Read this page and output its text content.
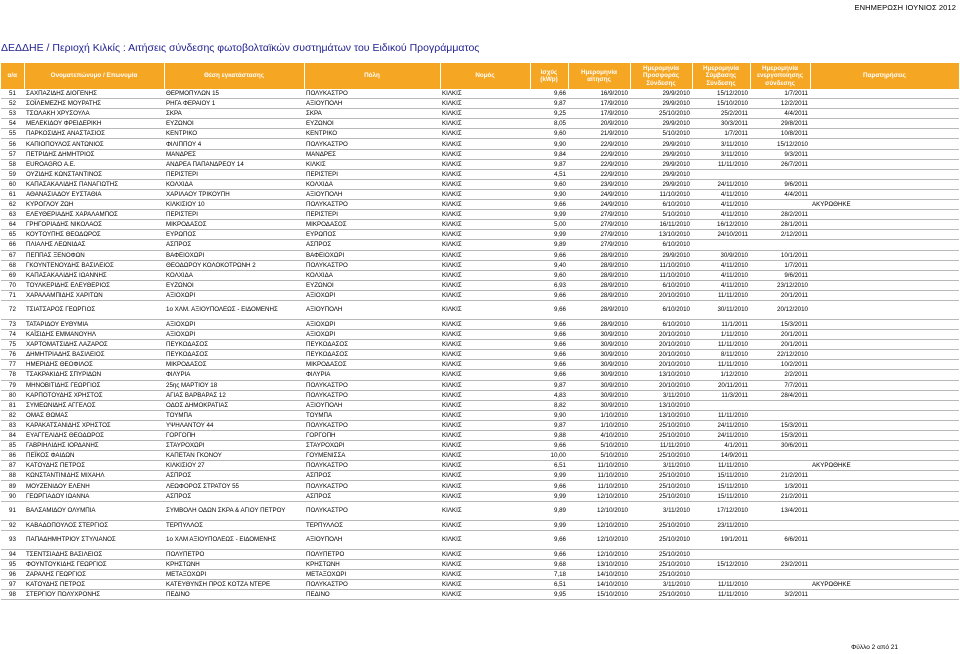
ΕΝΗΜΕΡΩΣΗ ΙΟΥΝΙΟΣ 2012
ΔΕΔΔΗΕ / Περιοχή Κιλκίς : Αιτήσεις σύνδεσης φωτοβολταϊκών συστημάτων του Ειδικού Προγράμματος
α/α	Ονοματεπώνυμο / Επωνυμία	Θέση εγκατάστασης	Πόλη	Νομός	Ισχύς (kWp)	Ημερομηνία αίτησης	Ημερομηνία Προσφοράς Σύνδεσης	Ημερομηνία Σύμβασης Σύνδεσης	Ημερομηνία ενεργοποίησης σύνδεσης	Παρατηρήσεις
51	ΣΑΧΠΑΖΙΔΗΣ ΔΙΟΓΕΝΗΣ	ΘΕΡΜΟΠΥΛΩΝ 15	ΠΟΛΥΚΑΣΤΡΟ	ΚΙΛΚΙΣ	9,66	16/9/2010	29/9/2010	15/12/2010	1/7/2011	
52	ΣΟΪΛΕΜΕΖΗΣ ΜΟΥΡΑΤΗΣ	ΡΗΓΑ ΦΕΡΑΙΟΥ 1	ΑΞΙΟΥΠΟΛΗ	ΚΙΛΚΙΣ	9,87	17/9/2010	29/9/2010	15/10/2010	12/2/2011	
53	ΤΣΟΛΑΚΗ ΧΡΥΣΟΥΛΑ	ΣΚΡΑ	ΣΚΡΑ	ΚΙΛΚΙΣ	9,25	17/9/2010	25/10/2010	25/2/2011	4/4/2011	
54	ΜΕΛΕΚΙΔΟΥ ΦΡΕΙΔΕΡΙΚΗ	ΕΥΖΩΝΟΙ	ΕΥΖΩΝΟΙ	ΚΙΛΚΙΣ	8,05	20/9/2010	29/9/2010	30/3/2011	29/8/2011	
55	ΠΑΡΚΟΣΙΔΗΣ ΑΝΑΣΤΑΣΙΟΣ	ΚΕΝΤΡΙΚΟ	ΚΕΝΤΡΙΚΟ	ΚΙΛΚΙΣ	9,60	21/9/2010	5/10/2010	1/7/2011	10/8/2011	
56	ΚΑΠΙΟΠΟΥΛΟΣ ΑΝΤΩΝΙΟΣ	ΦΙΛΙΠΠΟΥ 4	ΠΟΛΥΚΑΣΤΡΟ	ΚΙΛΚΙΣ	9,90	22/9/2010	29/9/2010	3/11/2010	15/12/2010	
57	ΠΕΤΡΙΔΗΣ ΔΗΜΗΤΡΙΟΣ	ΜΑΝΔΡΕΣ	ΜΑΝΔΡΕΣ	ΚΙΛΚΙΣ	9,84	22/9/2010	29/9/2010	3/11/2010	9/3/2011	
58	EUROAGRO Α.Ε.	ΑΝΔΡΕΑ ΠΑΠΑΝΔΡΕΟΥ 14	ΚΙΛΚΙΣ	ΚΙΛΚΙΣ	9,87	22/9/2010	29/9/2010	11/11/2010	26/7/2011	
59	ΟΥΖΙΔΗΣ ΚΩΝΣΤΑΝΤΙΝΟΣ	ΠΕΡΙΣΤΕΡΙ	ΠΕΡΙΣΤΕΡΙ	ΚΙΛΚΙΣ	4,51	22/9/2010	29/9/2010			
60	ΚΑΠΑΣΑΚΑΛΙΔΗΣ ΠΑΝΑΓΙΩΤΗΣ	ΚΟΛΧΙΔΑ	ΚΟΛΧΙΔΑ	ΚΙΛΚΙΣ	9,60	23/9/2010	29/9/2010	24/11/2010	9/6/2011	
61	ΑΘΑΝΑΣΙΑΔΟΥ ΕΥΣΤΑΘΙΑ	ΧΑΡΙΛΑΟΥ ΤΡΙΚΟΥΠΗ	ΑΞΙΟΥΠΟΛΗ	ΚΙΛΚΙΣ	9,90	24/9/2010	11/10/2010	4/11/2010	4/4/2011	
62	ΚΥΡΟΓΛΟΥ ΖΩΗ	ΚΙΛΚΙΣΙΟΥ 10	ΠΟΛΥΚΑΣΤΡΟ	ΚΙΛΚΙΣ	9,66	24/9/2010	6/10/2010	4/11/2010		ΑΚΥΡΩΘΗΚΕ
63	ΕΛΕΥΘΕΡΙΑΔΗΣ ΧΑΡΑΛΑΜΠΟΣ	ΠΕΡΙΣΤΕΡΙ	ΠΕΡΙΣΤΕΡΙ	ΚΙΛΚΙΣ	9,99	27/9/2010	5/10/2010	4/11/2010	28/2/2011	
64	ΓΡΗΓΟΡΙΑΔΗΣ ΝΙΚΟΛΑΟΣ	ΜΙΚΡΟΔΑΣΟΣ	ΜΙΚΡΟΔΑΣΟΣ	ΚΙΛΚΙΣ	5,00	27/9/2010	16/11/2010	16/12/2010	28/1/2011	
65	ΚΟΥΤΟΥΠΗΣ ΘΕΟΔΩΡΟΣ	ΕΥΡΩΠΟΣ	ΕΥΡΩΠΟΣ	ΚΙΛΚΙΣ	9,99	27/9/2010	13/10/2010	24/10/2011	2/12/2011	
66	ΠΛΙΑΛΗΣ ΛΕΩΝΙΔΑΣ	ΑΣΠΡΟΣ	ΑΣΠΡΟΣ	ΚΙΛΚΙΣ	9,89	27/9/2010	6/10/2010			
67	ΠΕΠΠΑΣ ΞΕΝΟΦΩΝ	ΒΑΦΕΙΟΧΩΡΙ	ΒΑΦΕΙΟΧΩΡΙ	ΚΙΛΚΙΣ	9,66	28/9/2010	29/9/2010	30/9/2010	10/1/2011	
68	ΓΚΟΥΝΤΕΝΟΥΔΗΣ ΒΑΣΙΛΕΙΟΣ	ΘΕΟΔΩΡΟΥ ΚΟΛΟΚΟΤΡΩΝΗ 2	ΠΟΛΥΚΑΣΤΡΟ	ΚΙΛΚΙΣ	9,40	28/9/2010	11/10/2010	4/11/2010	1/7/2011	
69	ΚΑΠΑΣΑΚΑΛΙΔΗΣ ΙΩΑΝΝΗΣ	ΚΟΛΧΙΔΑ	ΚΟΛΧΙΔΑ	ΚΙΛΚΙΣ	9,60	28/9/2010	11/10/2010	4/11/2010	9/6/2011	
70	ΤΟΥΛΚΕΡΙΔΗΣ ΕΛΕΥΘΕΡΙΟΣ	ΕΥΖΩΝΟΙ	ΕΥΖΩΝΟΙ	ΚΙΛΚΙΣ	6,93	28/9/2010	6/10/2010	4/11/2010	23/12/2010	
71	ΧΑΡΑΛΑΜΠΙΔΗΣ ΧΑΡΙΤΩΝ	ΑΞΙΟΧΩΡΙ	ΑΞΙΟΧΩΡΙ	ΚΙΛΚΙΣ	9,66	28/9/2010	20/10/2010	11/11/2010	20/1/2011	
72	ΤΣΙΑΤΣΑΡΟΣ ΓΕΩΡΓΙΟΣ	1ο ΧΛΜ. ΑΞΙΟΥΠΟΛΕΩΣ - ΕΙΔΟΜΕΝΗΣ	ΑΞΙΟΥΠΟΛΗ	ΚΙΛΚΙΣ	9,66	28/9/2010	6/10/2010	30/11/2010	20/12/2010	
73	ΤΑΤΑΡΙΔΟΥ ΕΥΘΥΜΙΑ	ΑΞΙΟΧΩΡΙ	ΑΞΙΟΧΩΡΙ	ΚΙΛΚΙΣ	9,66	28/9/2010	6/10/2010	11/1/2011	15/3/2011	
74	ΚΑΪΣΙΔΗΣ ΕΜΜΑΝΟΥΗΛ	ΑΞΙΟΧΩΡΙ	ΑΞΙΟΧΩΡΙ	ΚΙΛΚΙΣ	9,66	30/9/2010	20/10/2010	1/11/2010	20/1/2011	
75	ΧΑΡΤΟΜΑΤΣΙΔΗΣ ΛΑΖΑΡΟΣ	ΠΕΥΚΟΔΑΣΟΣ	ΠΕΥΚΟΔΑΣΟΣ	ΚΙΛΚΙΣ	9,66	30/9/2010	20/10/2010	11/11/2010	20/1/2011	
76	ΔΗΜΗΤΡΙΑΔΗΣ ΒΑΣΙΛΕΙΟΣ	ΠΕΥΚΟΔΑΣΟΣ	ΠΕΥΚΟΔΑΣΟΣ	ΚΙΛΚΙΣ	9,66	30/9/2010	20/10/2010	8/11/2010	22/12/2010	
77	ΗΜΕΡΙΔΗΣ ΘΕΟΦΙΛΟΣ	ΜΙΚΡΟΔΑΣΟΣ	ΜΙΚΡΟΔΑΣΟΣ	ΚΙΛΚΙΣ	9,66	30/9/2010	20/10/2010	11/11/2010	10/2/2011	
78	ΤΣΑΚΡΑΚΙΔΗΣ ΣΠΥΡΙΔΩΝ	ΦΙΛΥΡΙΑ	ΦΙΛΥΡΙΑ	ΚΙΛΚΙΣ	9,66	30/9/2010	13/10/2010	1/12/2010	2/2/2011	
79	ΜΗΝΟΒΙΤΙΔΗΣ ΓΕΩΡΓΙΟΣ	25ης ΜΑΡΤΙΟΥ 18	ΠΟΛΥΚΑΣΤΡΟ	ΚΙΛΚΙΣ	9,87	30/9/2010	20/10/2010	20/11/2011	7/7/2011	
80	ΚΑΡΠΟΤΟΥΔΗΣ ΧΡΗΣΤΟΣ	ΑΓΙΑΣ ΒΑΡΒΑΡΑΣ 12	ΠΟΛΥΚΑΣΤΡΟ	ΚΙΛΚΙΣ	4,83	30/9/2010	3/11/2010	11/3/2011	28/4/2011	
81	ΣΥΜΕΩΝΙΔΗΣ ΑΓΓΕΛΟΣ	ΟΔΟΣ ΔΗΜΟΚΡΑΤΙΑΣ	ΑΞΙΟΥΠΟΛΗ	ΚΙΛΚΙΣ	8,82	30/9/2010	13/10/2010			
82	ΟΜΑΣ ΘΩΜΑΣ	ΤΟΥΜΠΑ	ΤΟΥΜΠΑ	ΚΙΛΚΙΣ	9,90	1/10/2010	13/10/2010	11/11/2010		
83	ΚΑΡΑΚΑΤΣΑΝΙΔΗΣ ΧΡΗΣΤΟΣ	ΥΨΗΛΑΝΤΟΥ 44	ΠΟΛΥΚΑΣΤΡΟ	ΚΙΛΚΙΣ	9,87	1/10/2010	25/10/2010	24/11/2010	15/3/2011	
84	ΕΥΑΓΓΕΛΙΔΗΣ ΘΕΟΔΩΡΟΣ	ΓΟΡΓΟΠΗ	ΓΟΡΓΟΠΗ	ΚΙΛΚΙΣ	9,88	4/10/2010	25/10/2010	24/11/2010	15/3/2011	
85	ΓΑΒΡΙΗΛΙΔΗΣ ΙΟΡΔΑΝΗΣ	ΣΤΑΥΡΟΧΩΡΙ	ΣΤΑΥΡΟΧΩΡΙ	ΚΙΛΚΙΣ	9,66	5/10/2010	11/11/2010	4/1/2011	30/6/2011	
86	ΠΕΪΚΟΣ ΦΑΙΔΩΝ	ΚΑΠΕΤΑΝ ΓΚΟΝΟΥ	ΓΟΥΜΕΝΙΣΣΑ	ΚΙΛΚΙΣ	10,00	5/10/2010	25/10/2010	14/9/2011		
87	ΚΑΤΟΥΔΗΣ ΠΕΤΡΟΣ	ΚΙΛΚΙΣΙΟΥ 27	ΠΟΛΥΚΑΣΤΡΟ	ΚΙΛΚΙΣ	6,51	11/10/2010	3/11/2010	11/11/2010		ΑΚΥΡΩΘΗΚΕ
88	ΚΩΝΣΤΑΝΤΙΝΙΔΗΣ ΜΙΧΑΗΛ	ΑΣΠΡΟΣ	ΑΣΠΡΟΣ	ΚΙΛΚΙΣ	9,99	11/10/2010	25/10/2010	15/11/2010	21/2/2011	
89	ΜΟΥΖΕΝΙΔΟΥ ΕΛΕΝΗ	ΛΕΩΦΟΡΟΣ ΣΤΡΑΤΟΥ 55	ΠΟΛΥΚΑΣΤΡΟ	ΚΙΛΚΙΣ	9,66	11/10/2010	25/10/2010	15/11/2010	1/3/2011	
90	ΓΕΩΡΓΙΑΔΟΥ ΙΩΑΝΝΑ	ΑΣΠΡΟΣ	ΑΣΠΡΟΣ	ΚΙΛΚΙΣ	9,99	12/10/2010	25/10/2010	15/11/2010	21/2/2011	
91	ΒΑΛΣΑΜΙΔΟΥ ΟΛΥΜΠΙΑ	ΣΥΜΒΟΛΗ ΟΔΩΝ ΣΚΡΑ & ΑΓΙΟΥ ΠΕΤΡΟΥ	ΠΟΛΥΚΑΣΤΡΟ	ΚΙΛΚΙΣ	9,89	12/10/2010	3/11/2010	17/12/2010	13/4/2011	
92	ΚΑΒΑΔΟΠΟΥΛΟΣ ΣΤΕΡΓΙΟΣ	ΤΕΡΠΥΛΛΟΣ	ΤΕΡΠΥΛΛΟΣ	ΚΙΛΚΙΣ	9,99	12/10/2010	25/10/2010	23/11/2010		
93	ΠΑΠΑΔΗΜΗΤΡΙΟΥ ΣΤΥΛΙΑΝΟΣ	1ο ΧΛΜ ΑΞΙΟΥΠΟΛΕΩΣ - ΕΙΔΟΜΕΝΗΣ	ΑΞΙΟΥΠΟΛΗ	ΚΙΛΚΙΣ	9,66	12/10/2010	25/10/2010	19/1/2011	6/6/2011	
94	ΤΣΕΝΤΣΙΑΔΗΣ ΒΑΣΙΛΕΙΟΣ	ΠΟΛΥΠΕΤΡΟ	ΠΟΛΥΠΕΤΡΟ	ΚΙΛΚΙΣ	9,66	12/10/2010	25/10/2010			
95	ΦΟΥΝΤΟΥΚΙΔΗΣ ΓΕΩΡΓΙΟΣ	ΚΡΗΣΤΩΝΗ	ΚΡΗΣΤΩΝΗ	ΚΙΛΚΙΣ	9,68	13/10/2010	25/10/2010	15/12/2010	23/2/2011	
96	ΖΑΡΑΛΗΣ ΓΕΩΡΓΙΟΣ	ΜΕΤΑΞΟΧΩΡΙ	ΜΕΤΑΞΟΧΩΡΙ	ΚΙΛΚΙΣ	7,18	14/10/2010	25/10/2010			
97	ΚΑΤΟΥΔΗΣ ΠΕΤΡΟΣ	ΚΑΤΕΥΘΥΝΣΗ ΠΡΟΣ ΚΟΤΖΑ ΝΤΕΡΕ	ΠΟΛΥΚΑΣΤΡΟ	ΚΙΛΚΙΣ	6,51	14/10/2010	3/11/2010	11/11/2010		ΑΚΥΡΩΘΗΚΕ
98	ΣΤΕΡΓΙΟΥ ΠΟΛΥΧΡΟΝΗΣ	ΠΕΔΙΝΟ	ΠΕΔΙΝΟ	ΚΙΛΚΙΣ	9,95	15/10/2010	25/10/2010	11/11/2010	3/2/2011	
Φύλλο 2 από 21
